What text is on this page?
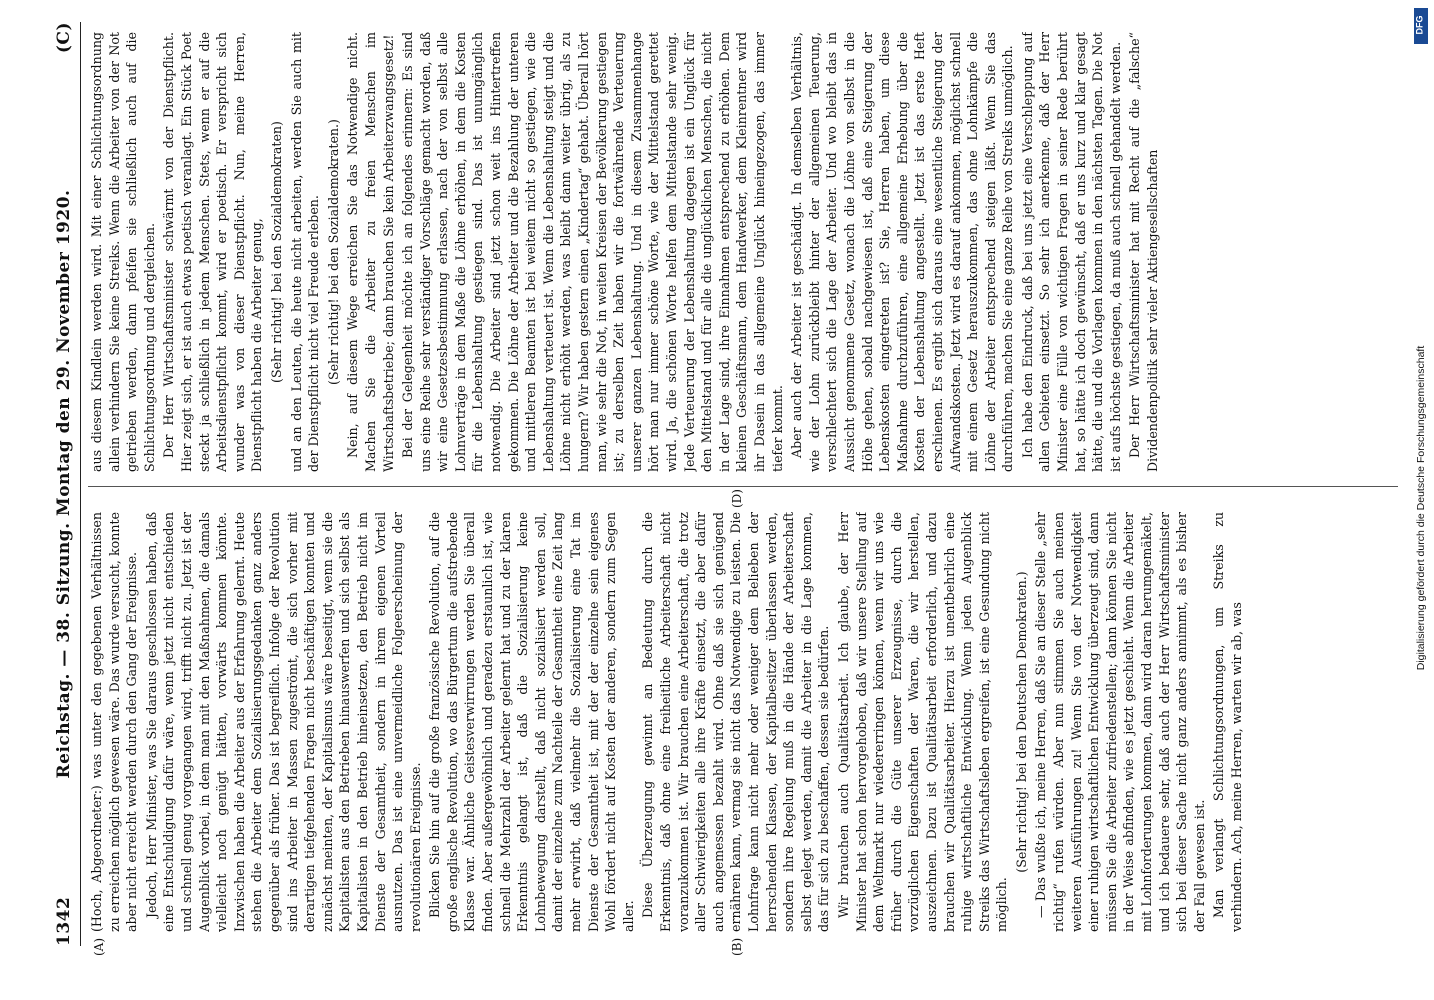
1342
Reichstag. — 38. Sitzung. Montag den 29. November 1920.
(C)
(A)	(B)
(D)

(Hoch, Abgeordneter:) was unter den gegebenen Verhältnissen zu erreichen möglich gewesen wäre. Das wurde versucht, konnte aber nicht erreicht werden durch den Gang der Ereignisse. Jedoch, Herr Minister, was Sie daraus geschlossen haben, daß eine Entschuldigung dafür wäre, wenn jetzt nicht entschieden und schnell genug vorgegangen wird, trifft nicht zu. Jetzt ist der Augenblick vorbei, in dem man mit den Maßnahmen, die damals vielleicht noch genügt hätten, vorwärts kommen könnte. Inzwischen haben die Arbeiter aus der Erfahrung gelernt. Heute stehen die Arbeiter dem Sozialisierungsgedanken ganz anders gegenüber als früher. Das ist begreiflich. Infolge der Revolution sind ins Arbeiter in Massen zugeströmt, die sich vorher mit derartigen tiefgehenden Fragen nicht beschäftigen konnten und zunächst meinten, der Kapitalismus wäre beseitigt, wenn sie die Kapitalisten aus den Betrieben hinauswerfen und sich selbst als Kapitalisten in den Betrieb hineinsetzen, den Betrieb nicht im Dienste der Gesamtheit, sondern in ihrem eigenen Vorteil ausnutzen. Das ist eine unvermeidliche Folgeerscheinung der revolutionären Ereignisse. Blicken Sie hin auf die große französische Revolution, auf die große englische Revolution, wo das Bürgertum die aufstrebende Klasse war. Ähnliche Geistesverwirrungen werden Sie überall finden. Aber außergewöhnlich und geradezu erstaunlich ist, wie schnell die Mehrzahl der Arbeiter gelernt hat und zu der klaren Erkenntnis gelangt ist, daß die Sozialisierung keine Lohnbewegung darstellt, daß nicht sozialisiert werden soll, damit der einzelne zum Nachteile der Gesamtheit eine Zeit lang mehr erwirbt, daß vielmehr die Sozialisierung eine Tat im Dienste der Gesamtheit ist, mit der der einzelne sein eigenes Wohl fördert nicht auf Kosten der anderen, sondern zum Segen aller. Diese Überzeugung gewinnt an Bedeutung durch die Erkenntnis, daß ohne eine freiheitliche Arbeiterschaft nicht voranzukommen ist. Wir brauchen eine Arbeiterschaft, die trotz aller Schwierigkeiten alle ihre Kräfte einsetzt, die aber dafür auch angemessen bezahlt wird. Ohne daß sie sich genügend ernähren kann, vermag sie nicht das Notwendige zu leisten. Die Lohnfrage kann nicht mehr oder weniger dem Belieben der herrschenden Klassen, der Kapitalbesitzer überlassen werden, sondern ihre Regelung muß in die Hände der Arbeiterschaft selbst gelegt werden, damit die Arbeiter in die Lage kommen, das für sich zu beschaffen, dessen sie bedürfen. Wir brauchen auch Qualitätsarbeit. Ich glaube, der Herr Minister hat schon hervorgehoben, daß wir unsere Stellung auf dem Weltmarkt nur wiedererringen können, wenn wir uns wie früher durch die Güte unserer Erzeugnisse, durch die vorzüglichen Eigenschaften der Waren, die wir herstellen, auszeichnen. Dazu ist Qualitätsarbeit erforderlich, und dazu brauchen wir Qualitätsarbeiter. Hierzu ist unentbehrlich eine ruhige wirtschaftliche Entwicklung. Wenn jeden Augenblick Streiks das Wirtschaftsleben ergreifen, ist eine Gesundung nicht möglich.

(Sehr richtig! bei den Deutschen Demokraten.) — Das wußte ich, meine Herren, daß Sie an dieser Stelle „sehr richtig“ rufen würden. Aber nun stimmen Sie auch meinen weiteren Ausführungen zu! Wenn Sie von der Notwendigkeit einer ruhigen wirtschaftlichen Entwicklung überzeugt sind, dann müssen Sie die Arbeiter zufriedenstellen; dann können Sie nicht in der Weise abfinden, wie es jetzt geschieht. Wenn die Arbeiter mit Lohnforderungen kommen, dann wird daran herumgemäkelt, und ich bedauere sehr, daß auch der Herr Wirtschaftsminister sich bei dieser Sache nicht ganz anders annimmt, als es bisher der Fall gewesen ist. Man verlangt Schlichtungsordnungen, um Streiks zu verhindern. Ach, meine Herren, warten wir ab, was

aus diesem Kindlein werden wird. Mit einer Schlichtungsordnung allein verhindern Sie keine Streiks. Wenn die Arbeiter von der Not getrieben werden, dann pfeifen sie schließlich auch auf die Schlichtungsordnung und dergleichen. Der Herr Wirtschaftsminister schwärmt von der Dienstpflicht. Hier zeigt sich, er ist auch etwas poetisch veranlagt. Ein Stück Poet steckt ja schließlich in jedem Menschen. Stets, wenn er auf die Arbeitsdienstpflicht kommt, wird er poetisch. Er verspricht sich wunder was von dieser Dienstpflicht. Nun, meine Herren, Dienstpflicht haben die Arbeiter genug, (Sehr richtig! bei den Sozialdemokraten) und an den Leuten, die heute nicht arbeiten, werden Sie auch mit der Dienstpflicht nicht viel Freude erleben. (Sehr richtig! bei den Sozialdemokraten.) Nein, auf diesem Wege erreichen Sie das Notwendige nicht. Machen Sie die Arbeiter zu freien Menschen im Wirtschaftsbetriebe; dann brauchen Sie kein Arbeiterzwangsgesetz! Bei der Gelegenheit möchte ich an folgendes erinnern: Es sind uns eine Reihe sehr verständiger Vorschläge gemacht worden, daß wir eine Gesetzesbestimmung erlassen, nach der von selbst alle Lohnverträge in dem Maße die Löhne erhöhen, in dem die Kosten für die Lebenshaltung gestiegen sind. Das ist unumgänglich notwendig. Die Arbeiter sind jetzt schon weit ins Hintertreffen gekommen. Die Löhne der Arbeiter und die Bezahlung der unteren und mittleren Beamten ist bei weitem nicht so gestiegen, wie die Lebenshaltung verteuert ist. Wenn die Lebenshaltung steigt und die Löhne nicht erhöht werden, was bleibt dann weiter übrig, als zu hungern? Wir haben gestern einen „Kindertag“ gehabt. Überall hört man, wie sehr die Not, in weiten Kreisen der Bevölkerung gestiegen ist; zu derselben Zeit haben wir die fortwährende Verteuerung unserer ganzen Lebenshaltung. Und in diesem Zusammenhange hört man nur immer schöne Worte, wie der Mittelstand gerettet wird. Ja, die schönen Worte helfen dem Mittelstande sehr wenig. Jede Verteuerung der Lebenshaltung dagegen ist ein Unglück für den Mittelstand und für alle die unglücklichen Menschen, die nicht in der Lage sind, ihre Einnahmen entsprechend zu erhöhen. Dem kleinen Geschäftsmann, dem Handwerker, dem Kleinrentner wird ihr Dasein in das allgemeine Unglück hineingezogen, das immer tiefer kommt. Aber auch der Arbeiter ist geschädigt. In demselben Verhältnis, wie der Lohn zurückbleibt hinter der allgemeinen Teuerung, verschlechtert sich die Lage der Arbeiter. Und wo bleibt das in Aussicht genommene Gesetz, wonach die Löhne von selbst in die Höhe gehen, sobald nachgewiesen ist, daß eine Steigerung der Lebenskosten eingetreten ist? Sie, Herren haben, um diese Maßnahme durchzuführen, eine allgemeine Erhebung über die Kosten der Lebenshaltung angestellt. Jetzt ist das erste Heft erschienen. Es ergibt sich daraus eine wesentliche Steigerung der Aufwandskosten. Jetzt wird es darauf ankommen, möglichst schnell mit einem Gesetz herauszukommen, das ohne Lohnkämpfe die Löhne der Arbeiter entsprechend steigen läßt. Wenn Sie das durchführen, machen Sie eine ganze Reihe von Streiks unmöglich. Ich habe den Eindruck, daß bei uns jetzt eine Verschleppung auf allen Gebieten einsetzt. So sehr ich anerkenne, daß der Herr Minister eine Fülle von wichtigen Fragen in seiner Rede berührt hat, so hätte ich doch gewünscht, daß er uns kurz und klar gesagt hätte, die und die Vorlagen kommen in den nächsten Tagen. Die Not ist aufs höchste gestiegen, da muß auch schnell gehandelt werden. Der Herr Wirtschaftsminister hat mit Recht auf die „falsche“ Dividendenpolitik sehr vieler Aktiengesellschaften

DFG
Digitalisierung gefördert durch die Deutsche Forschungsgemeinschaft
